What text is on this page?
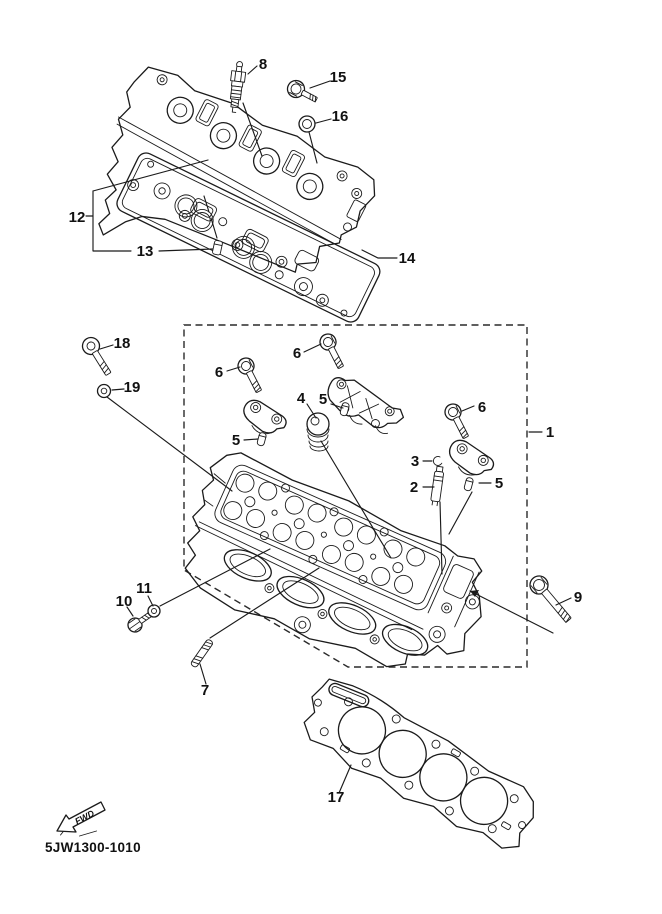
1
2
3
4
5
5
5
6
6
6
7
8
9
10
11
12
13	14
15
16
17
18
19
FWD
5JW1300-1010
